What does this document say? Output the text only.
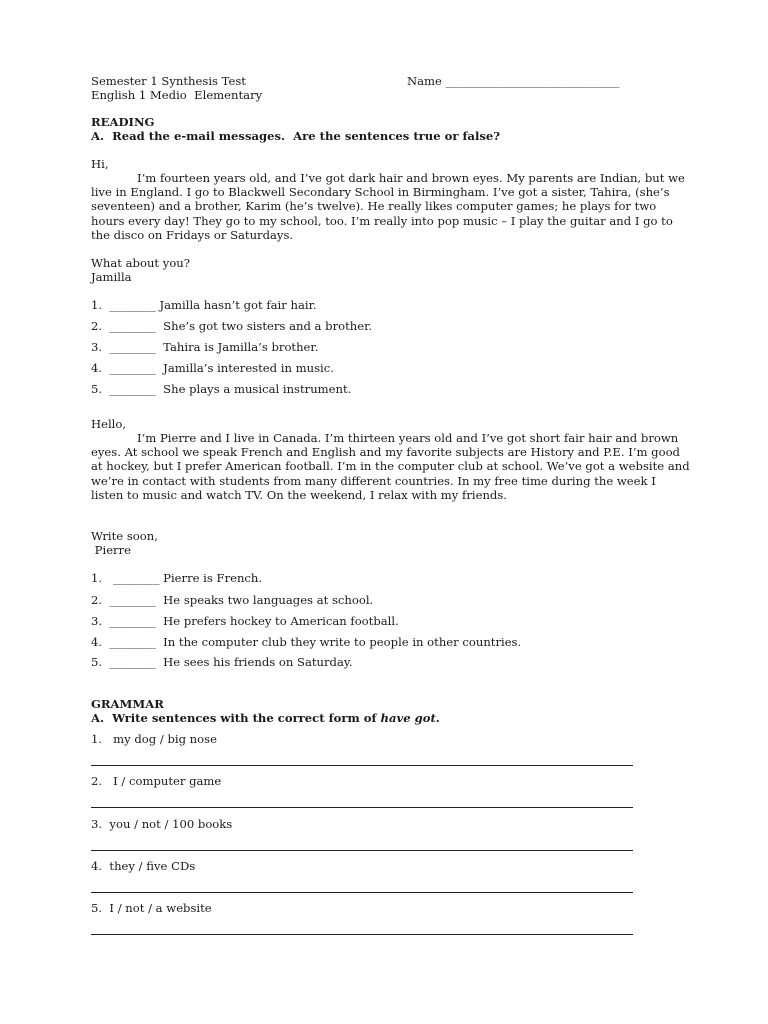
Semester 1 Synthesis Test
English 1 Medio  Elementary
Name ______________________________
READING
A.  Read the e-mail messages.  Are the sentences true or false?
Hi,
I’m fourteen years old, and I’ve got dark hair and brown eyes. My parents are Indian, but we live in England. I go to Blackwell Secondary School in Birmingham. I’ve got a sister, Tahira, (she’s seventeen) and a brother, Karim (he’s twelve). He really likes computer games; he plays for two hours every day! They go to my school, too. I’m really into pop music – I play the guitar and I go to the disco on Fridays or Saturdays.
What about you?
Jamilla
1.  ________ Jamilla hasn’t got fair hair.
2.  ________  She’s got two sisters and a brother.
3.  ________  Tahira is Jamilla’s brother.
4.  ________  Jamilla’s interested in music.
5.  ________  She plays a musical instrument.
Hello,
I’m Pierre and I live in Canada. I’m thirteen years old and I’ve got short fair hair and brown eyes. At school we speak French and English and my favorite subjects are History and P.E. I’m good at hockey, but I prefer American football. I’m in the computer club at school. We’ve got a website and we’re in contact with students from many different countries. In my free time during the week I listen to music and watch TV. On the weekend, I relax with my friends.
Write soon,
Pierre
1.   ________ Pierre is French.
2.  ________  He speaks two languages at school.
3.  ________  He prefers hockey to American football.
4.  ________  In the computer club they write to people in other countries.
5.  ________  He sees his friends on Saturday.
GRAMMAR
A.  Write sentences with the correct form of have got.
1.   my dog / big nose
2.   I / computer game
3.  you / not / 100 books
4.  they / five CDs
5.  I / not / a website
